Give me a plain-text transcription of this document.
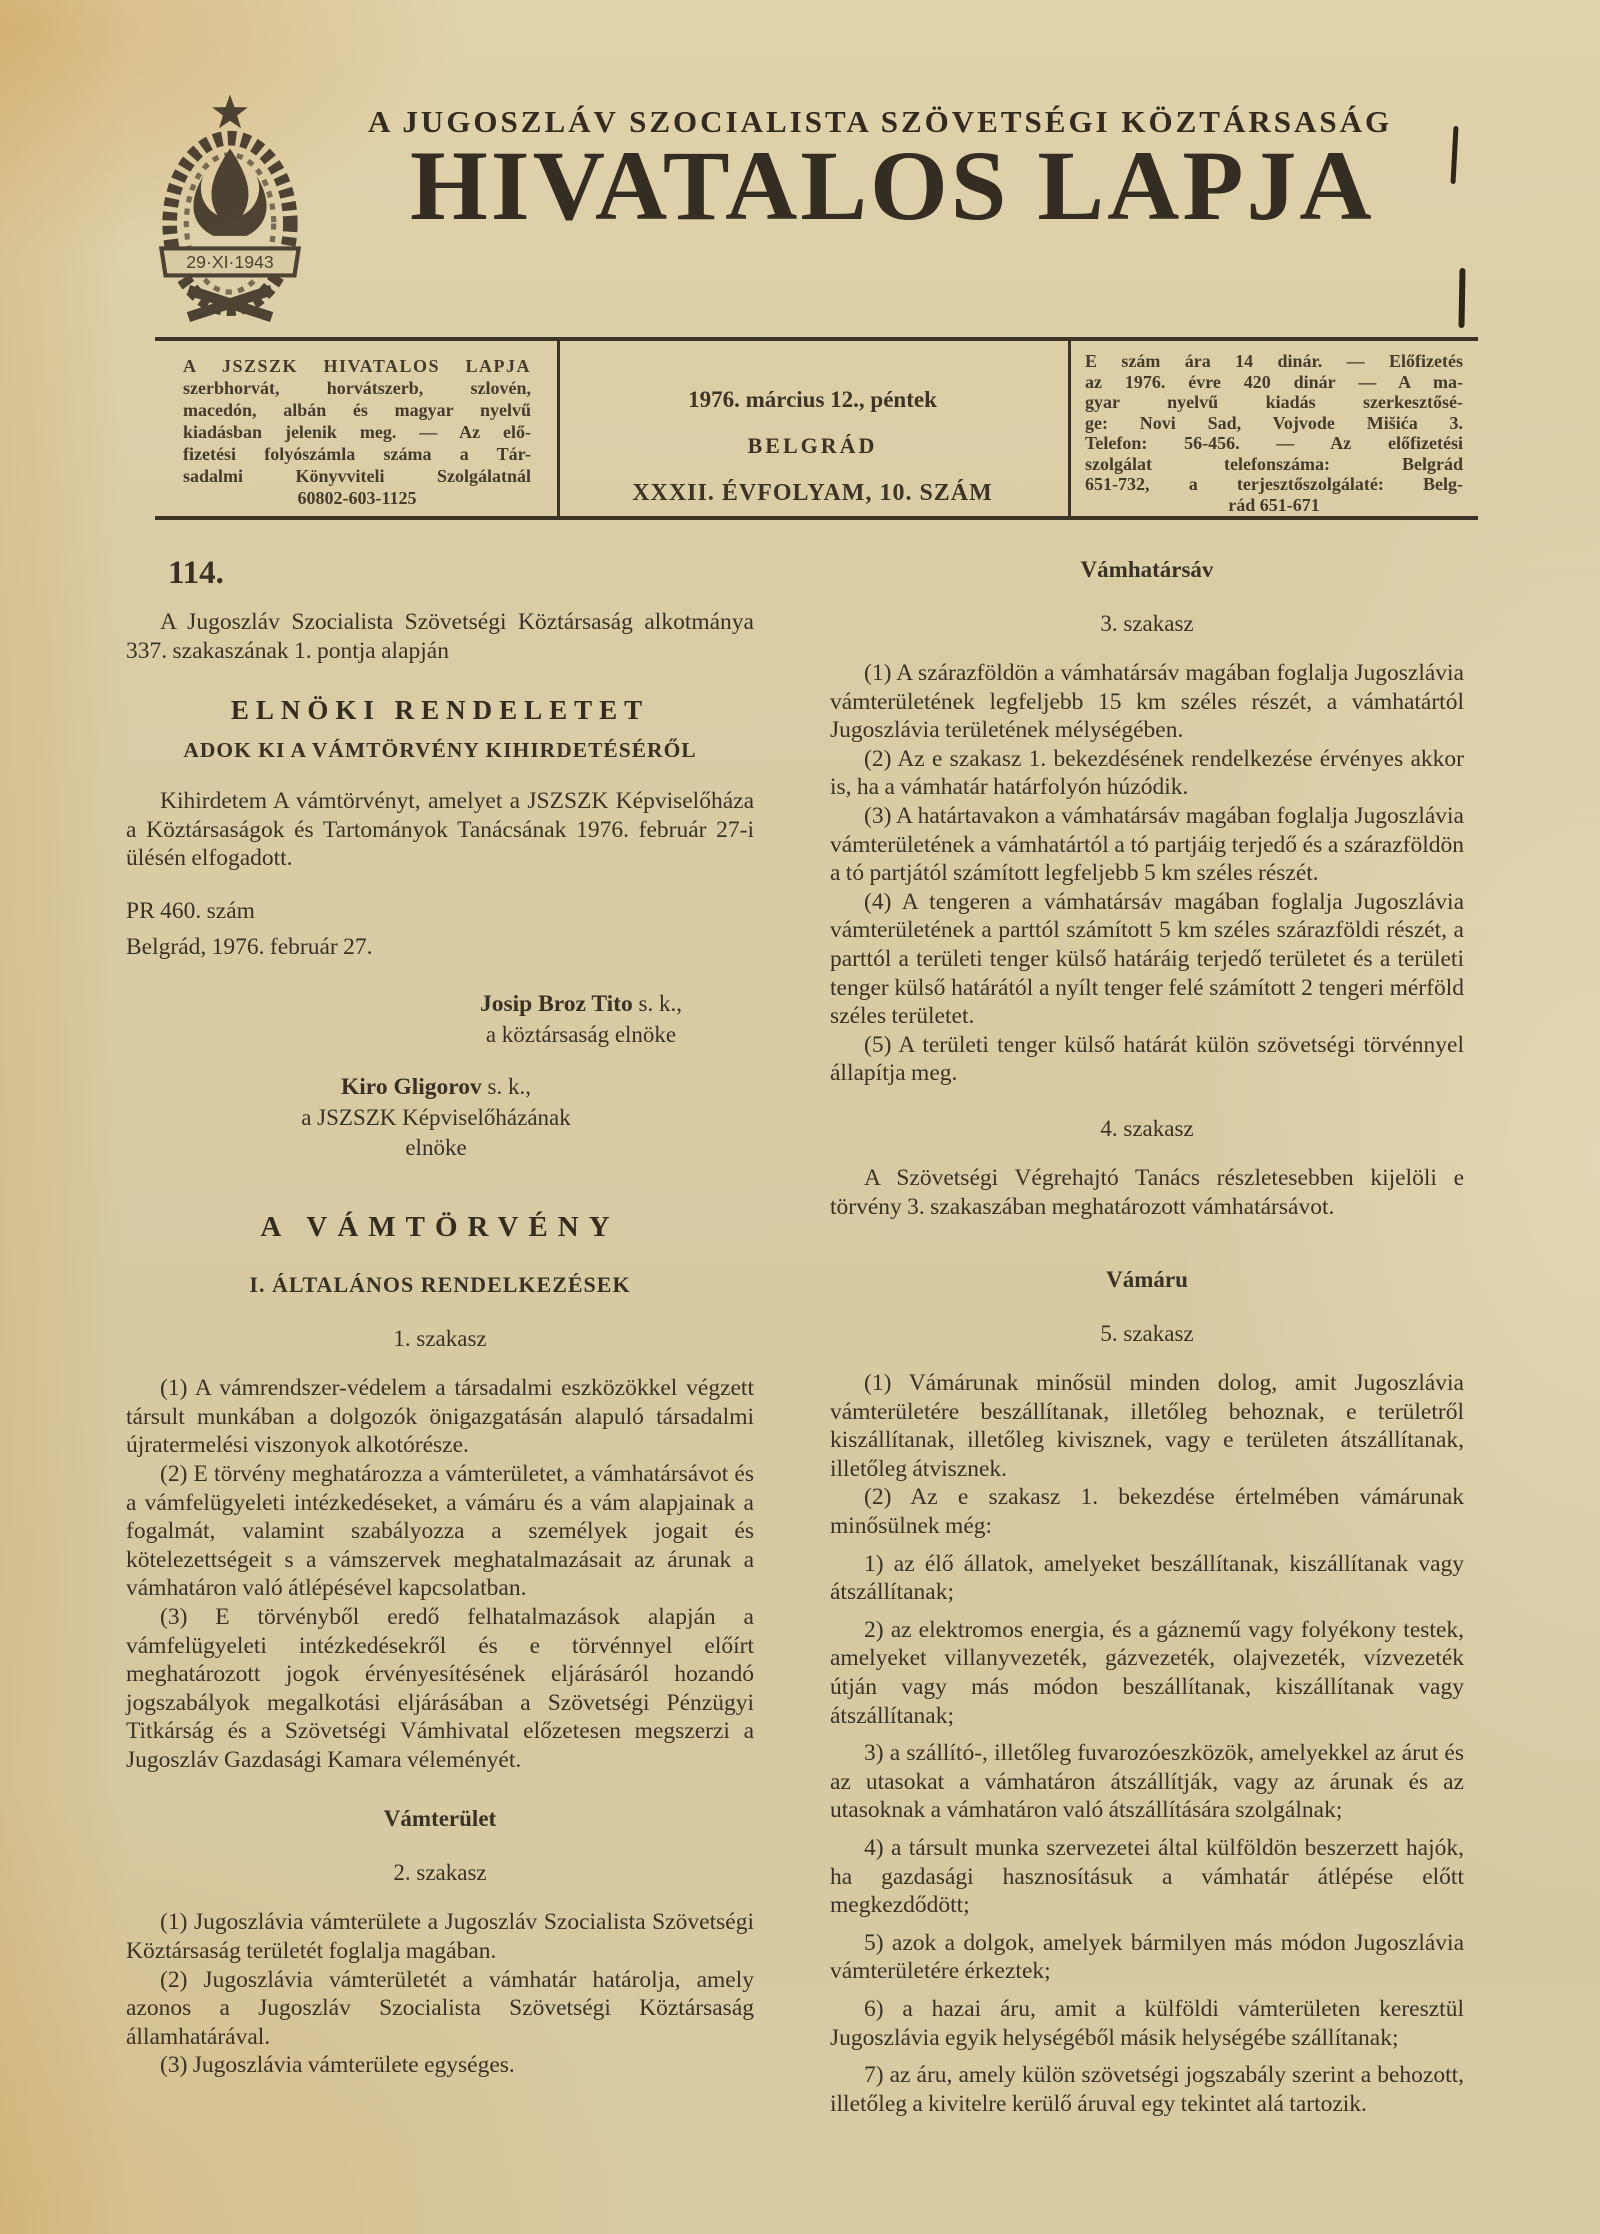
29·XI·1943
A JUGOSZLÁV SZOCIALISTA SZÖVETSÉGI KÖZTÁRSASÁG
HIVATALOS LAPJA
A JSZSZK HIVATALOS LAPJA
szerbhorvát, horvátszerb, szlovén,
macedón, albán és magyar nyelvű
kiadásban jelenik meg. — Az elő-
fizetési folyószámla száma a Tár-
sadalmi Könyvviteli Szolgálatnál
60802-603-1125
1976. március 12., péntek
BELGRÁD
XXXII. ÉVFOLYAM, 10. SZÁM
E szám ára 14 dinár. — Előfizetés
az 1976. évre 420 dinár — A ma-
gyar nyelvű kiadás szerkesztősé-
ge: Novi Sad, Vojvode Mišića 3.
Telefon: 56-456. — Az előfizetési
szolgálat telefonszáma: Belgrád
651-732, a terjesztőszolgálaté: Belg-
rád 651-671
114.

A Jugoszláv Szocialista Szövetségi Köztársaság alkotmánya 337. szakaszának 1. pontja alapján

ELNÖKI RENDELETET
ADOK KI A VÁMTÖRVÉNY KIHIRDETÉSÉRŐL

Kihirdetem A vámtörvényt, amelyet a JSZSZK Képviselőháza a Köztársaságok és Tartományok Tanácsának 1976. február 27-i ülésén elfogadott.

PR 460. szám

Belgrád, 1976. február 27.

Josip Broz Tito s. k.,
a köztársaság elnöke
Kiro Gligorov s. k.,
a JSZSZK Képviselőházának
elnöke
A VÁMTÖRVÉNY
I. ÁLTALÁNOS RENDELKEZÉSEK
1. szakasz

(1) A vámrendszer-védelem a társadalmi eszközökkel végzett társult munkában a dolgozók önigazgatásán alapuló társadalmi újratermelési viszonyok alkotórésze.

(2) E törvény meghatározza a vámterületet, a vámhatársávot és a vámfelügyeleti intézkedéseket, a vámáru és a vám alapjainak a fogalmát, valamint szabályozza a személyek jogait és kötelezettségeit s a vámszervek meghatalmazásait az árunak a vámhatáron való átlépésével kapcsolatban.

(3) E törvényből eredő felhatalmazások alapján a vámfelügyeleti intézkedésekről és e törvénnyel előírt meghatározott jogok érvényesítésének eljárásáról hozandó jogszabályok megalkotási eljárásában a Szövetségi Pénzügyi Titkárság és a Szövetségi Vámhivatal előzetesen megszerzi a Jugoszláv Gazdasági Kamara véleményét.

Vámterület
2. szakasz

(1) Jugoszlávia vámterülete a Jugoszláv Szocialista Szövetségi Köztársaság területét foglalja magában.

(2) Jugoszlávia vámterületét a vámhatár határolja, amely azonos a Jugoszláv Szocialista Szövetségi Köztársaság államhatárával.

(3) Jugoszlávia vámterülete egységes.

Vámhatársáv
3. szakasz

(1) A szárazföldön a vámhatársáv magában foglalja Jugoszlávia vámterületének legfeljebb 15 km széles részét, a vámhatártól Jugoszlávia területének mélységében.

(2) Az e szakasz 1. bekezdésének rendelkezése érvényes akkor is, ha a vámhatár határfolyón húzódik.

(3) A határtavakon a vámhatársáv magában foglalja Jugoszlávia vámterületének a vámhatártól a tó partjáig terjedő és a szárazföldön a tó partjától számított legfeljebb 5 km széles részét.

(4) A tengeren a vámhatársáv magában foglalja Jugoszlávia vámterületének a parttól számított 5 km széles szárazföldi részét, a parttól a területi tenger külső határáig terjedő területet és a területi tenger külső határától a nyílt tenger felé számított 2 tengeri mérföld széles területet.

(5) A területi tenger külső határát külön szövetségi törvénnyel állapítja meg.

4. szakasz

A Szövetségi Végrehajtó Tanács részletesebben kijelöli e törvény 3. szakaszában meghatározott vámhatársávot.

Vámáru
5. szakasz

(1) Vámárunak minősül minden dolog, amit Jugoszlávia vámterületére beszállítanak, illetőleg behoznak, e területről kiszállítanak, illetőleg kivisznek, vagy e területen átszállítanak, illetőleg átvisznek.

(2) Az e szakasz 1. bekezdése értelmében vámárunak minősülnek még:

1) az élő állatok, amelyeket beszállítanak, kiszállítanak vagy átszállítanak;

2) az elektromos energia, és a gáznemű vagy folyékony testek, amelyeket villanyvezeték, gázvezeték, olajvezeték, vízvezeték útján vagy más módon beszállítanak, kiszállítanak vagy átszállítanak;

3) a szállító-, illetőleg fuvarozóeszközök, amelyekkel az árut és az utasokat a vámhatáron átszállítják, vagy az árunak és az utasoknak a vámhatáron való átszállítására szolgálnak;

4) a társult munka szervezetei által külföldön beszerzett hajók, ha gazdasági hasznosításuk a vámhatár átlépése előtt megkezdődött;

5) azok a dolgok, amelyek bármilyen más módon Jugoszlávia vámterületére érkeztek;

6) a hazai áru, amit a külföldi vámterületen keresztül Jugoszlávia egyik helységéből másik helységébe szállítanak;

7) az áru, amely külön szövetségi jogszabály szerint a behozott, illetőleg a kivitelre kerülő áruval egy tekintet alá tartozik.
